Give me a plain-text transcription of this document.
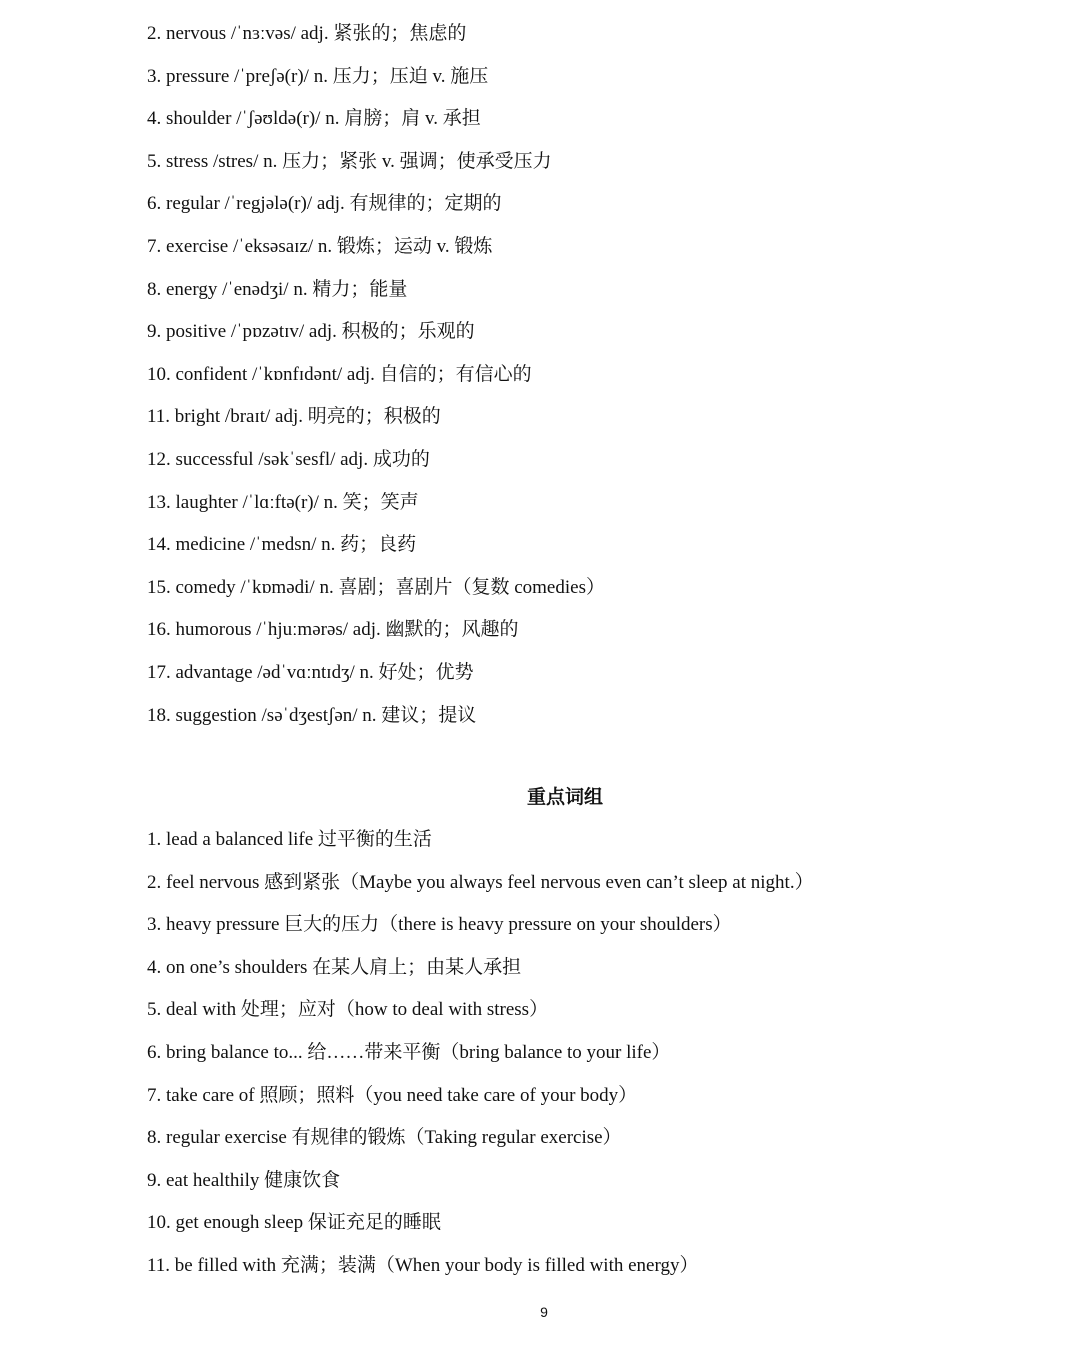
2. nervous /ˈnɜːvəs/ adj. 紧张的；焦虑的
3. pressure /ˈpreʃə(r)/ n. 压力；压迫 v. 施压
4. shoulder /ˈʃəʊldə(r)/ n. 肩膀；肩 v. 承担
5. stress /stres/ n. 压力；紧张 v. 强调；使承受压力
6. regular /ˈregjələ(r)/ adj. 有规律的；定期的
7. exercise /ˈeksəsaɪz/ n. 锻炼；运动 v. 锻炼
8. energy /ˈenədʒi/ n. 精力；能量
9. positive /ˈpɒzətɪv/ adj. 积极的；乐观的
10. confident /ˈkɒnfɪdənt/ adj. 自信的；有信心的
11. bright /braɪt/ adj. 明亮的；积极的
12. successful /səkˈsesfl/ adj. 成功的
13. laughter /ˈlɑːftə(r)/ n. 笑；笑声
14. medicine /ˈmedsn/ n. 药；良药
15. comedy /ˈkɒmədi/ n. 喜剧；喜剧片（复数 comedies）
16. humorous /ˈhjuːmərəs/ adj. 幽默的；风趣的
17. advantage /ədˈvɑːntɪdʒ/ n. 好处；优势
18. suggestion /səˈdʒestʃən/ n. 建议；提议
重点词组
1. lead a balanced life 过平衡的生活
2. feel nervous 感到紧张（Maybe you always feel nervous even can’t sleep at night.）
3. heavy pressure 巨大的压力（there is heavy pressure on your shoulders）
4. on one’s shoulders 在某人肩上；由某人承担
5. deal with 处理；应对（how to deal with stress）
6. bring balance to... 给……带来平衡（bring balance to your life）
7. take care of 照顾；照料（you need take care of your body）
8. regular exercise 有规律的锻炼（Taking regular exercise）
9. eat healthily 健康饮食
10. get enough sleep 保证充足的睡眠
11. be filled with 充满；装满（When your body is filled with energy）
9
